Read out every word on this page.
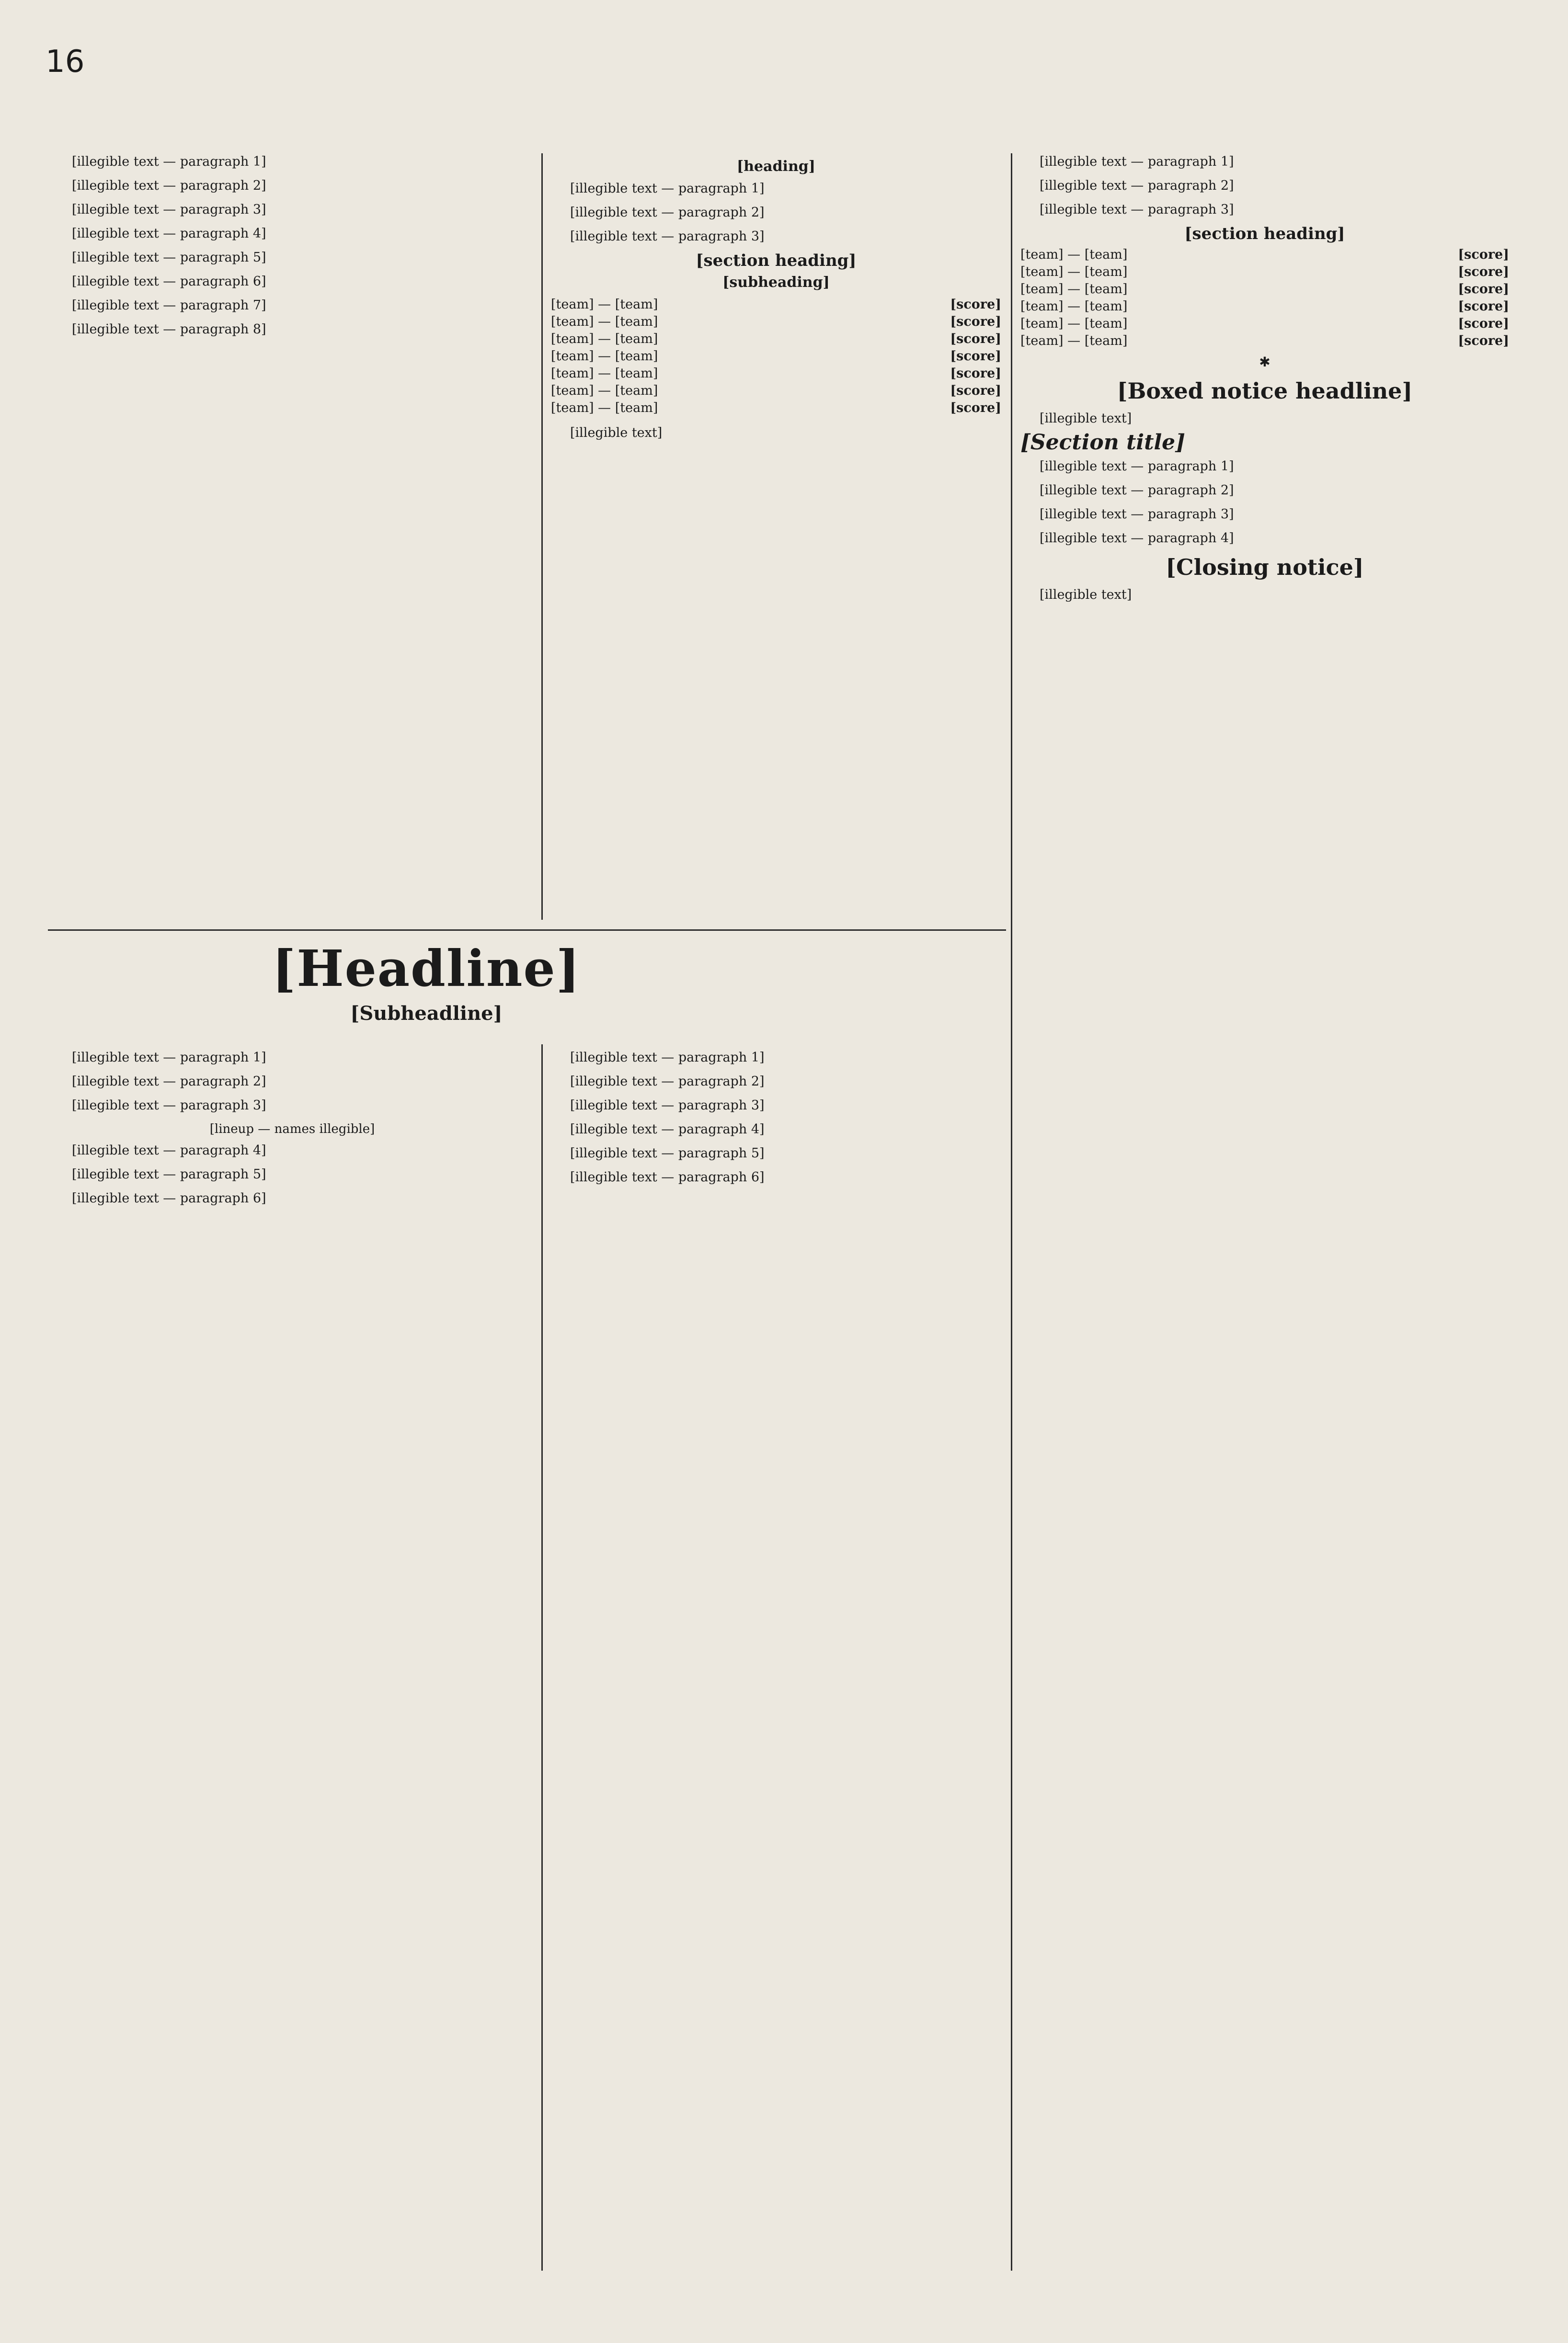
16

[illegible text — paragraph 1]

[illegible text — paragraph 2]

[illegible text — paragraph 3]

[illegible text — paragraph 4]

[illegible text — paragraph 5]

[illegible text — paragraph 6]

[illegible text — paragraph 7]

[illegible text — paragraph 8]

[heading]

[illegible text — paragraph 1]

[illegible text — paragraph 2]

[illegible text — paragraph 3]

[section heading]
[subheading]
[team] — [team]	[score]
[team] — [team]	[score]
[team] — [team]	[score]
[team] — [team]	[score]
[team] — [team]	[score]
[team] — [team]	[score]
[team] — [team]	[score]

[illegible text]

[Headline]
[Subheadline]

[illegible text — paragraph 1]

[illegible text — paragraph 2]

[illegible text — paragraph 3]

[lineup — names illegible]

[illegible text — paragraph 4]

[illegible text — paragraph 5]

[illegible text — paragraph 6]

[illegible text — paragraph 1]

[illegible text — paragraph 2]

[illegible text — paragraph 3]

[illegible text — paragraph 4]

[illegible text — paragraph 5]

[illegible text — paragraph 6]

[illegible text — paragraph 1]

[illegible text — paragraph 2]

[illegible text — paragraph 3]

[section heading]
[team] — [team]	[score]
[team] — [team]	[score]
[team] — [team]	[score]
[team] — [team]	[score]
[team] — [team]	[score]
[team] — [team]	[score]
✱
[Boxed notice headline]

[illegible text]

[Section title]

[illegible text — paragraph 1]

[illegible text — paragraph 2]

[illegible text — paragraph 3]

[illegible text — paragraph 4]

[Closing notice]

[illegible text]
